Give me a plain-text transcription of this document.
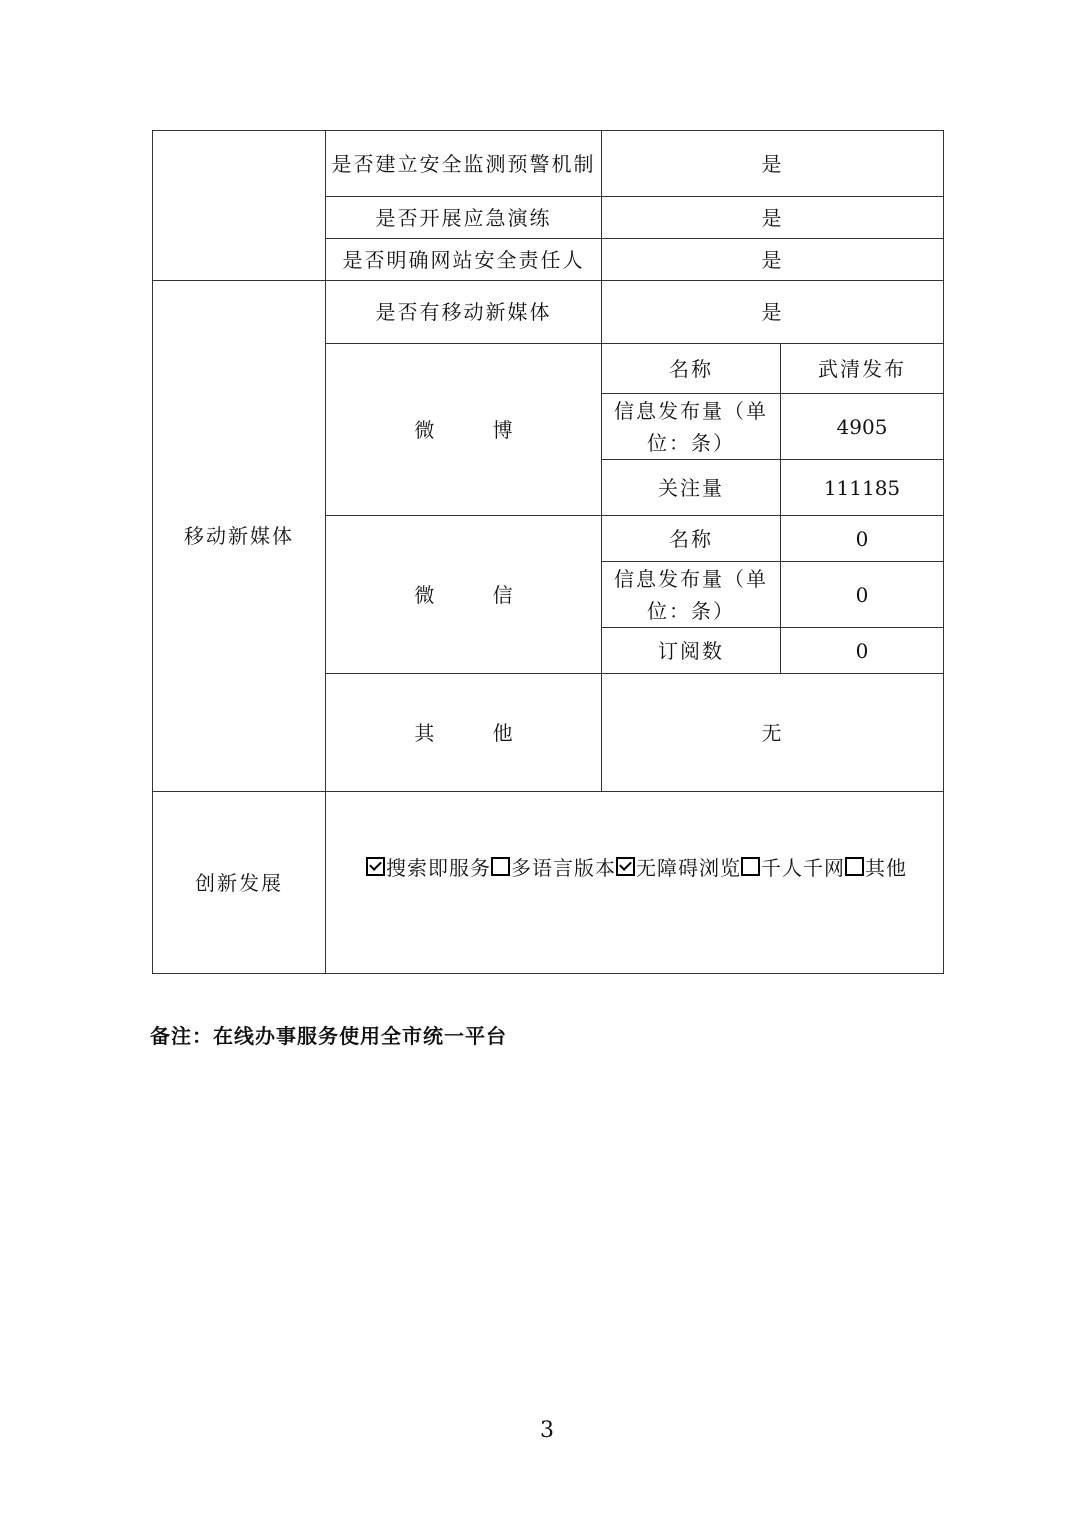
	是否建立安全监测预警机制	是	
	是否开展应急演练	是	
	是否明确网站安全责任人	是	
移动新媒体	是否有移动新媒体	是	
	微 博	名称	武清发布
		信息发布量（单位：条）	4905
		关注量	111185
	微 信	名称	0
		信息发布量（单位：条）	0
		订阅数	0
	其 他	无	
创新发展	搜索即服务 多语言版本 无障碍浏览 千人千网 其他		
备注：在线办事服务使用全市统一平台
3
